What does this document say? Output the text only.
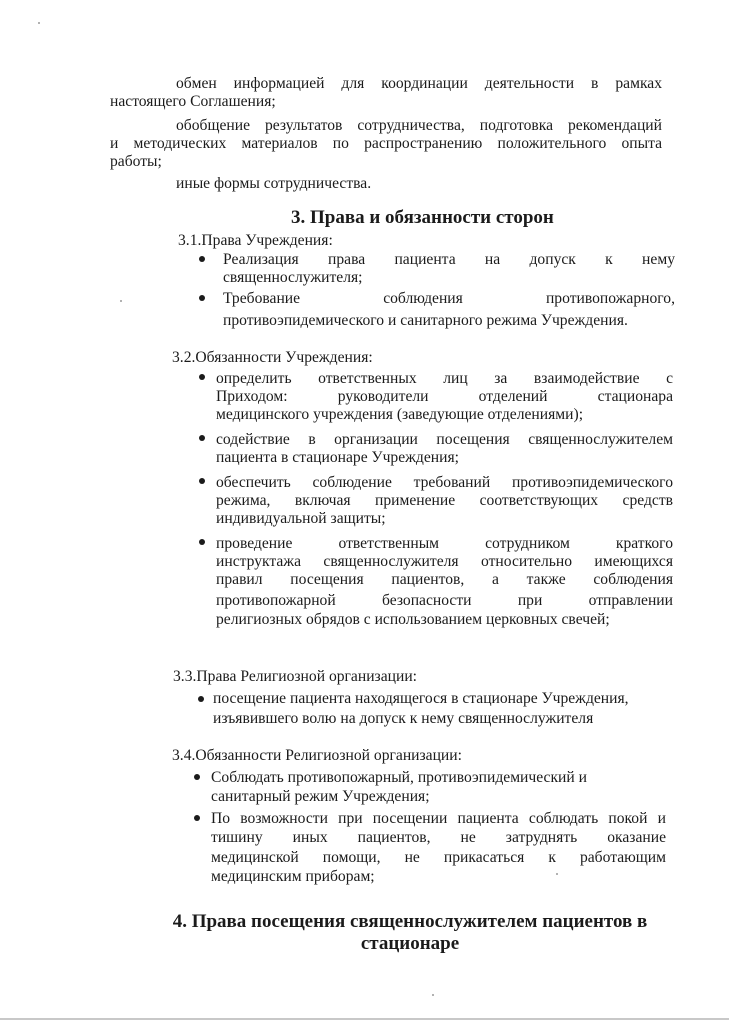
обмен информацией для координации деятельности в рамках
настоящего Соглашения;
обобщение результатов сотрудничества, подготовка рекомендаций
и методических материалов по распространению положительного опыта
работы;
иные формы сотрудничества.
3. Права и обязанности сторон
3.1.Права Учреждения:
Реализация права пациента на допуск к нему
священнослужителя;
Требование соблюдения противопожарного,
противоэпидемического и санитарного режима Учреждения.
3.2.Обязанности Учреждения:
определить ответственных лиц за взаимодействие с
Приходом: руководители отделений стационара
медицинского учреждения (заведующие отделениями);
содействие в организации посещения священнослужителем
пациента в стационаре Учреждения;
обеспечить соблюдение требований противоэпидемического
режима, включая применение соответствующих средств
индивидуальной защиты;
проведение ответственным сотрудником краткого
инструктажа священнослужителя относительно имеющихся
правил посещения пациентов, а также соблюдения
противопожарной безопасности при отправлении
религиозных обрядов с использованием церковных свечей;
3.3.Права Религиозной организации:
посещение пациента находящегося в стационаре Учреждения,
изъявившего волю на допуск к нему священнослужителя
3.4.Обязанности Религиозной организации:
Соблюдать противопожарный, противоэпидемический и
санитарный режим Учреждения;
По возможности при посещении пациента соблюдать покой и
тишину иных пациентов, не затруднять оказание
медицинской помощи, не прикасаться к работающим
медицинским приборам;
4. Права посещения священнослужителем пациентов в
стационаре
